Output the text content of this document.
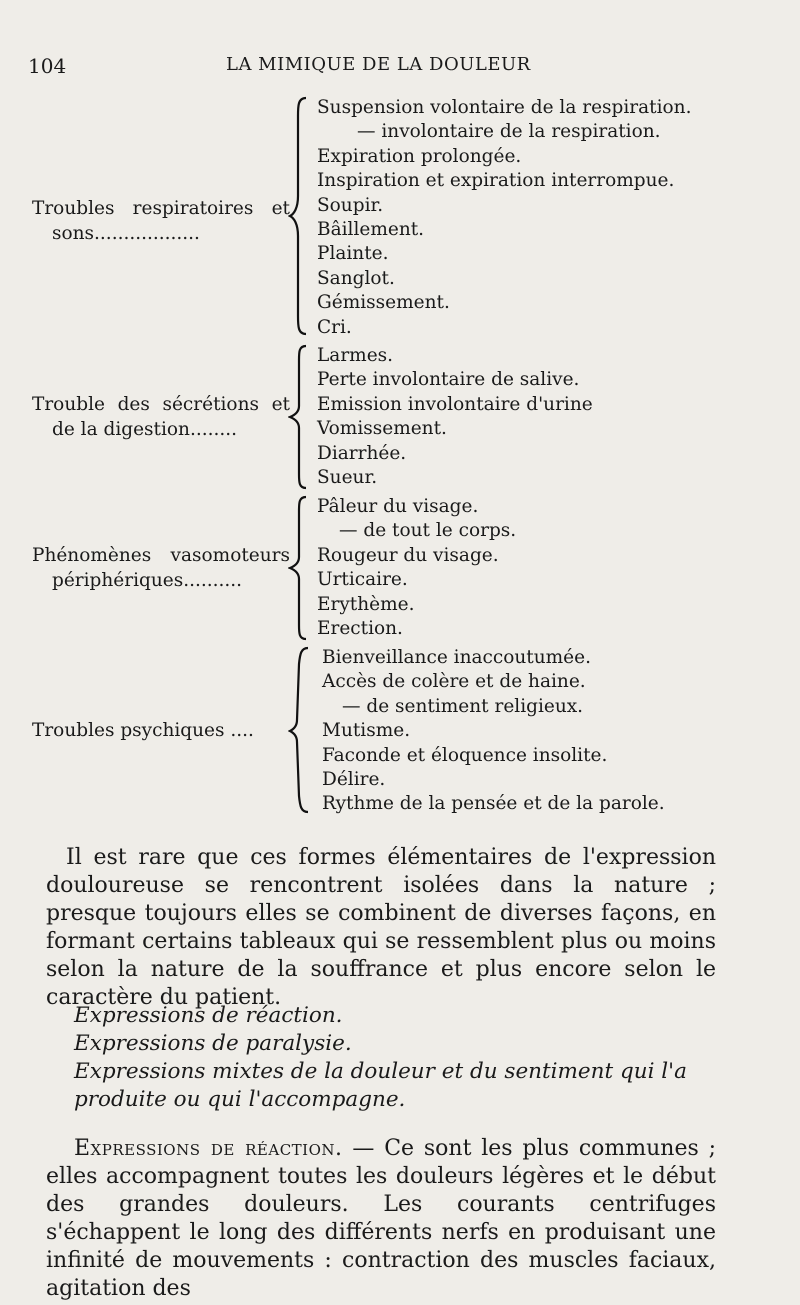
104	LA MIMIQUE DE LA DOULEUR
Troubles respiratoires et
sons..................
Suspension volontaire de la respiration.
— involontaire de la respiration.
Expiration prolongée.
Inspiration et expiration interrompue.
Soupir.
Bâillement.
Plainte.
Sanglot.
Gémissement.
Cri.
Trouble des sécrétions et
de la digestion........
Larmes.
Perte involontaire de salive.
Emission involontaire d'urine
Vomissement.
Diarrhée.
Sueur.
Phénomènes vasomoteurs
périphériques..........
Pâleur du visage.
— de tout le corps.
Rougeur du visage.
Urticaire.
Erythème.
Erection.
Troubles psychiques ....
Bienveillance inaccoutumée.
Accès de colère et de haine.
— de sentiment religieux.
Mutisme.
Faconde et éloquence insolite.
Délire.
Rythme de la pensée et de la parole.

Il est rare que ces formes élémentaires de l'expression douloureuse se rencontrent isolées dans la nature ; presque toujours elles se combinent de diverses façons, en formant certains tableaux qui se ressemblent plus ou moins selon la nature de la souffrance et plus encore selon le caractère du patient.

Expressions de réaction.

Expressions de paralysie.

Expressions mixtes de la douleur et du sentiment qui l'a produite ou qui l'accompagne.

Expressions de réaction. — Ce sont les plus communes ; elles accompagnent toutes les douleurs légères et le début des grandes douleurs. Les courants centrifuges s'échappent le long des différents nerfs en produisant une infinité de mouvements : contraction des muscles faciaux, agitation des
